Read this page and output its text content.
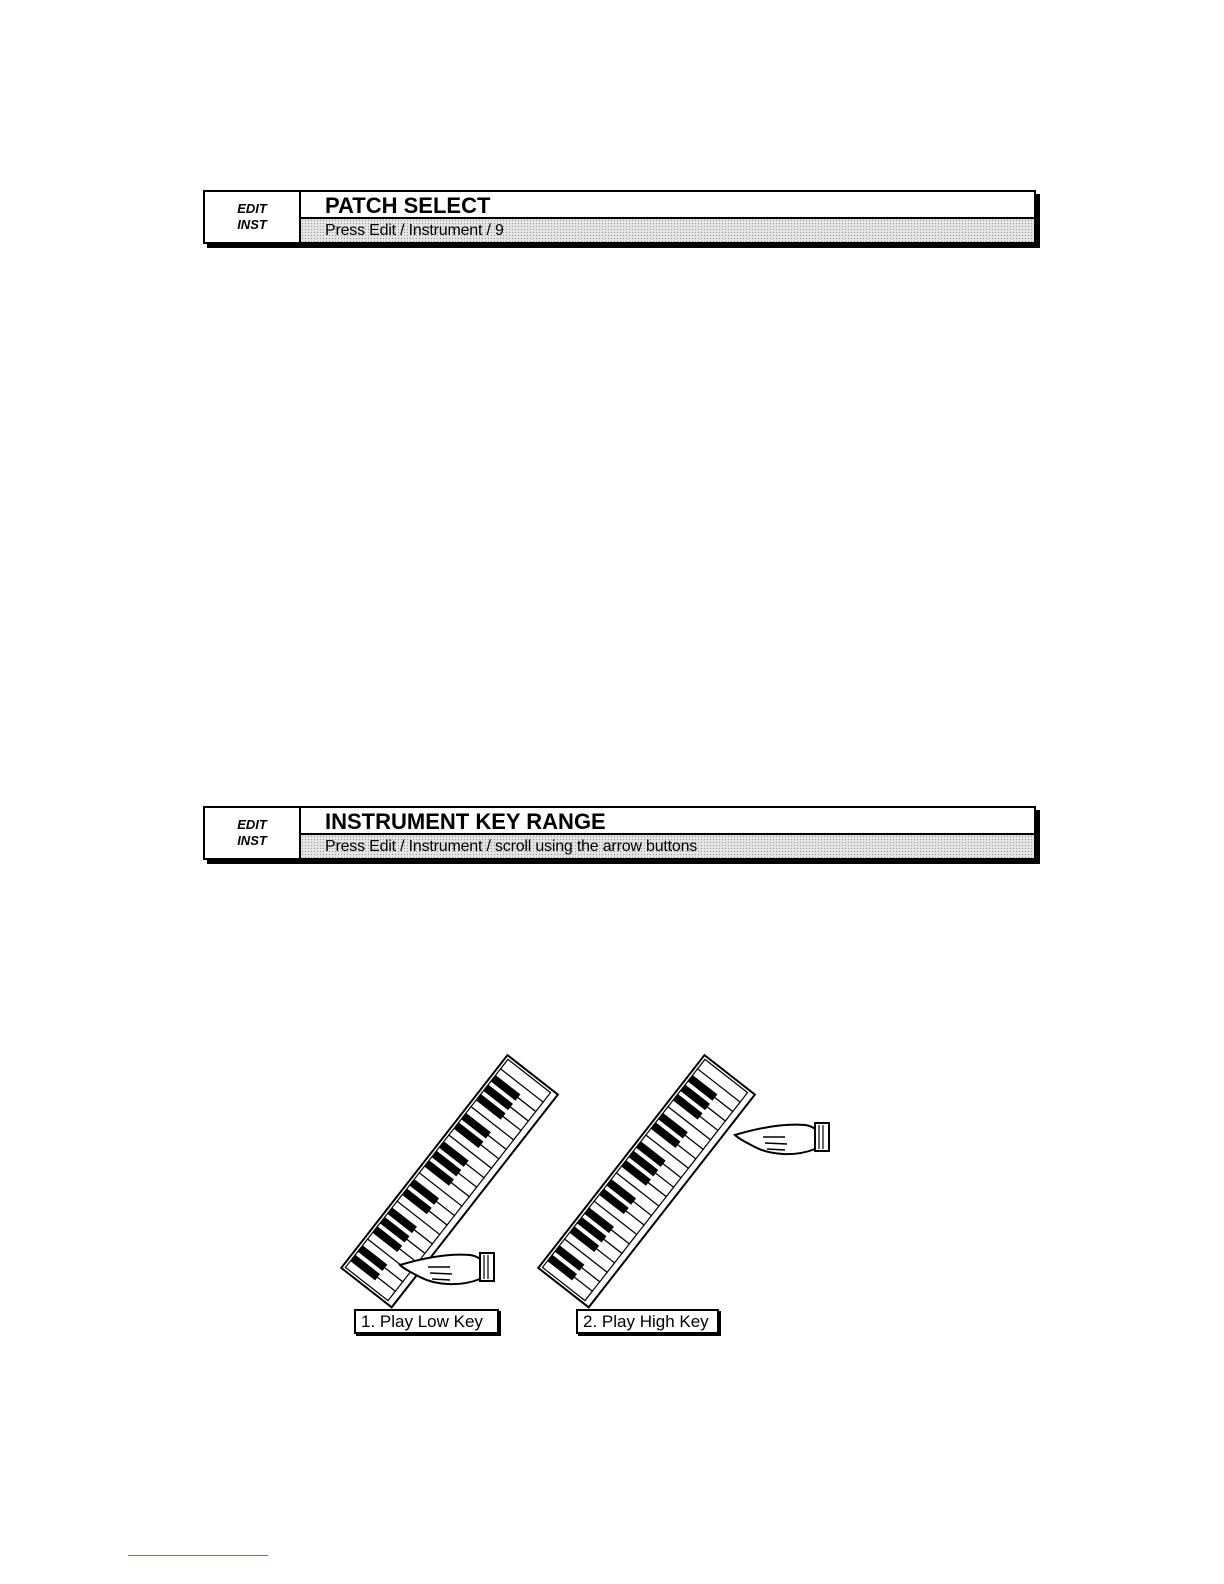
EDIT
INST
PATCH SELECT
Press Edit / Instrument / 9
EDIT
INST
INSTRUMENT KEY RANGE
Press Edit / Instrument / scroll using the arrow buttons
1. Play Low Key	2. Play High Key
